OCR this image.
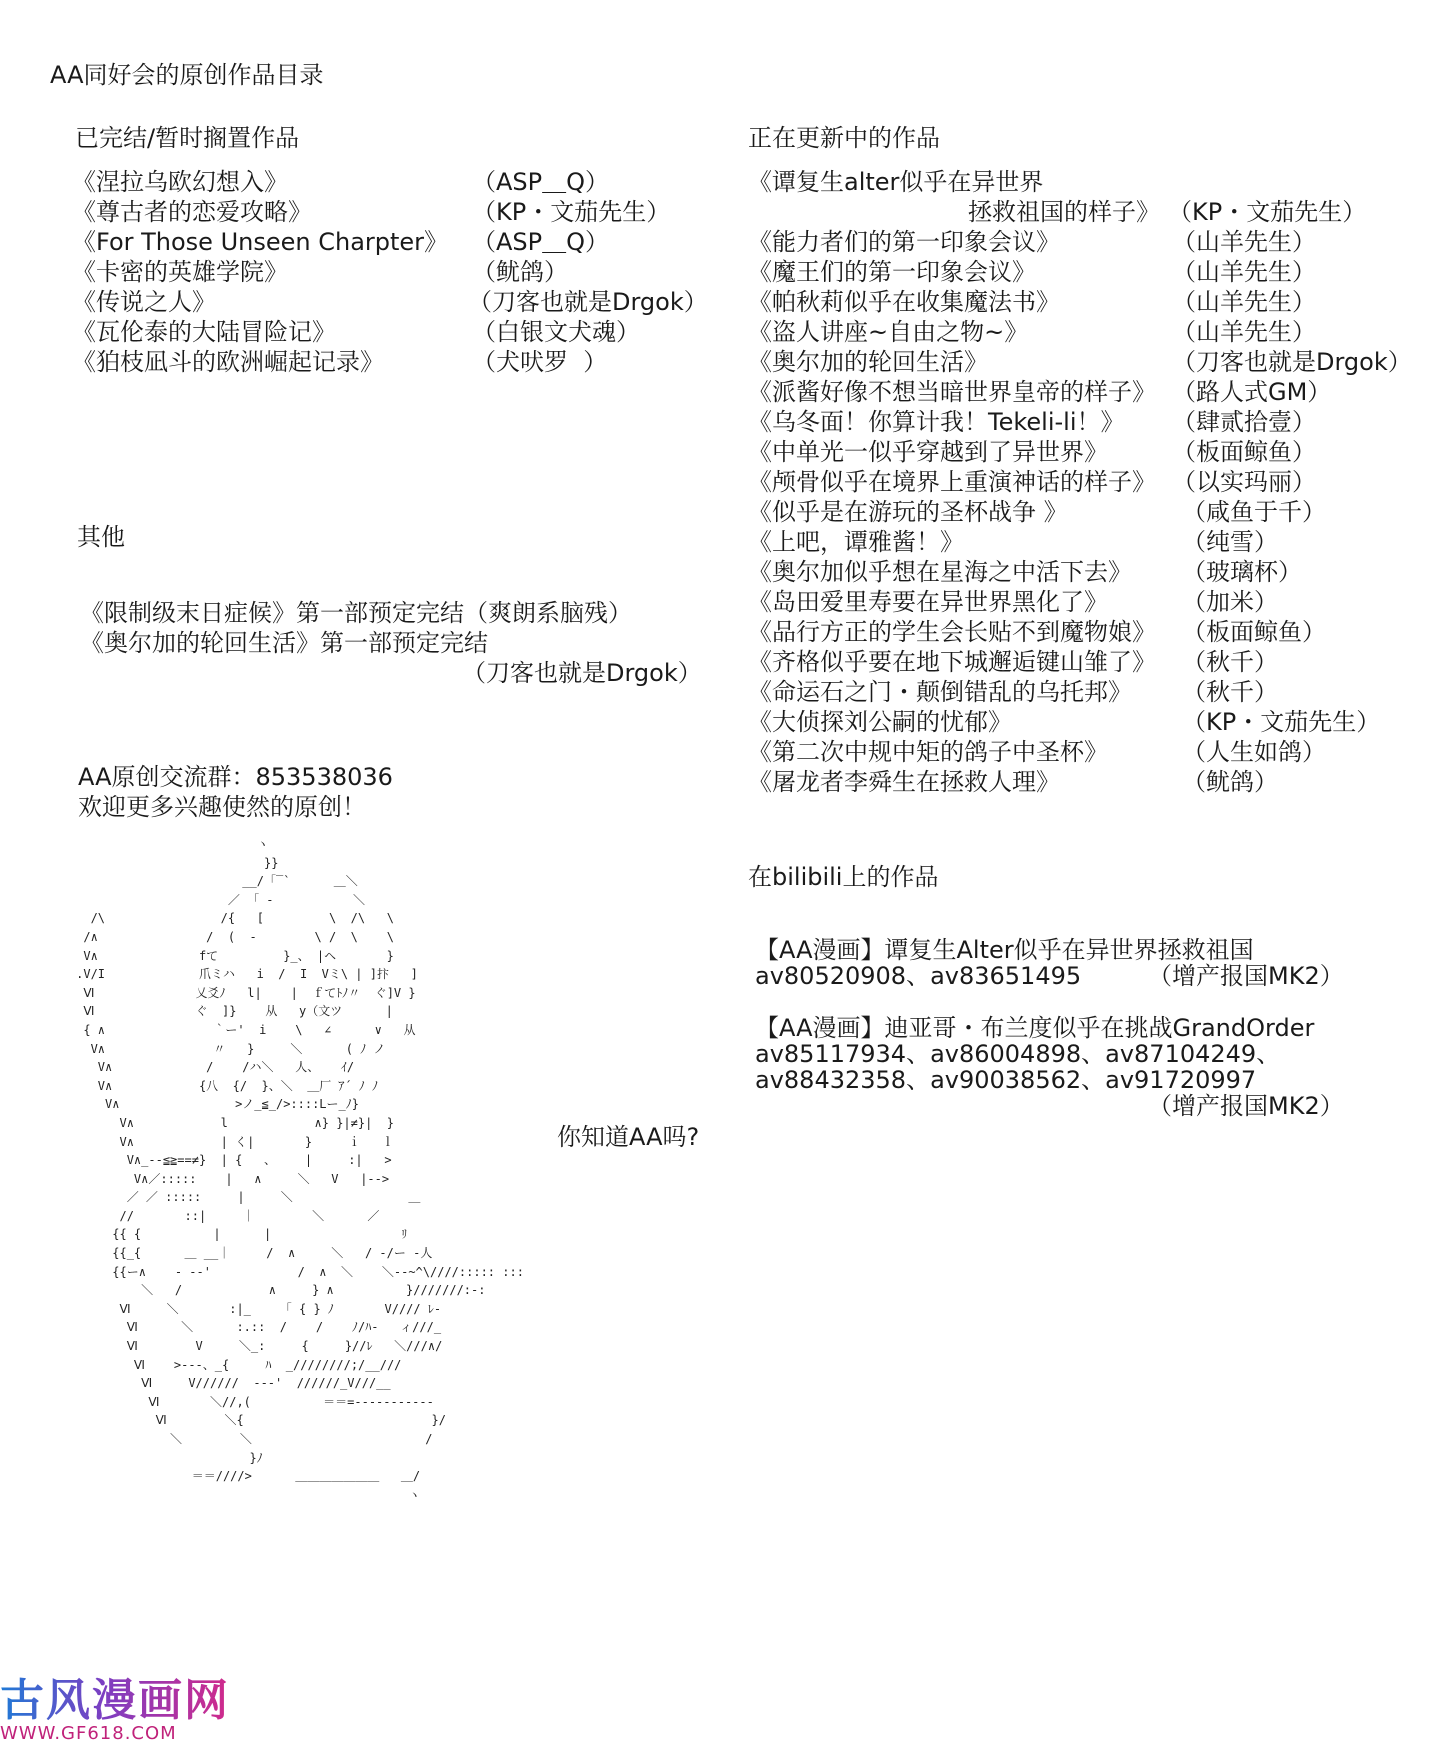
AA同好会的原创作品目录
已完结/暂时搁置作品
《涅拉乌欧幻想入》	（ASP＿Q）
《尊古者的恋爱攻略》	（KP・文茄先生）
《For Those Unseen Charpter》 （ASP＿Q）
《卡密的英雄学院》	（鱿鸽）
《传说之人》	（刀客也就是Drgok）
《瓦伦泰的大陆冒险记》	（白银文犬魂）
《狛枝凪斗的欧洲崛起记录》	（犬吠罗  ）
其他
《限制级末日症候》第一部预定完结（爽朗系脑残）
《奥尔加的轮回生活》第一部预定完结
（刀客也就是Drgok）
AA原创交流群：853538036
欢迎更多兴趣使然的原创！
正在更新中的作品
《谭复生alter似乎在异世界
拯救祖国的样子》 （KP・文茄先生）
《能力者们的第一印象会议》	（山羊先生）
《魔王们的第一印象会议》	（山羊先生）
《帕秋莉似乎在收集魔法书》	（山羊先生）
《盗人讲座~自由之物~》	（山羊先生）
《奥尔加的轮回生活》	（刀客也就是Drgok）
《派酱好像不想当暗世界皇帝的样子》 （路人式GM）
《乌冬面！你算计我！Tekeli-li！》 （肆贰拾壹）
《中单光一似乎穿越到了异世界》	（板面鲸鱼）
《颅骨似乎在境界上重演神话的样子》 （以实玛丽）
《似乎是在游玩的圣杯战争 》	（咸鱼于千）
《上吧，谭雅酱！》	（纯雪）
《奥尔加似乎想在星海之中活下去》 （玻璃杯）
《岛田爱里寿要在异世界黑化了》	（加米）
《品行方正的学生会长贴不到魔物娘》 （板面鲸鱼）
《齐格似乎要在地下城邂逅键山雏了》 （秋千）
《命运石之门・颠倒错乱的乌托邦》 （秋千）
《大侦探刘公嗣的忧郁》	（KP・文茄先生）
《第二次中规中矩的鸽子中圣杯》	（人生如鸽）
《屠龙者李舜生在拯救人理》	（鱿鸽）
在bilibili上的作品
【AA漫画】谭复生Alter似乎在异世界拯救祖国
av80520908、av83651495	（增产报国MK2）
【AA漫画】迪亚哥・布兰度似乎在挑战GrandOrder
av85117934、av86004898、av87104249、
av88432358、av90038562、av91720997
（增产报国MK2）
你知道AA吗?
ヽ
}}
__/「‾`      ＿＼
／ 「 ‐           ＼
/\                /{   [         \  /\   \
/∧               /  (  ‐        \ /  \    \
V∧              fて         }_、 |ヘ       }
.V/I             爪ミハ   i  /  I  Vミ\ | ]抃   ]
Ⅵ              乂爻ﾉ   l|    |  ｆてﾄﾉ〃  ぐ]V }
Ⅵ              ぐ  ]}    从   y（文ツ      |
{ ∧               ｀ー'  i    \   ∠      ∨   从
V∧               〃   }     ＼      ( ﾉ ノ
V∧             /    /ハ＼   人、   ｲ/
V∧            {八  {/  }、＼  ＿厂 ｱ´ ﾉ ﾉ
V∧                >ノ_≦_/>::::Lー_ﾉ}
V∧            l            ∧} }|≠}|  }
V∧            | く|       }     ｉ   ｌ
V∧_--≦≧==≠}  | {   、    |     :|   >
V∧／:::::    |   ∧     ＼   V   |-->
／ ／ :::::     |     ＼                ＿
//       ::|     ｜        ＼      ／
{{ {          |      |                  ﾘ
{{_{      ＿ __｜     /  ∧     ＼   / ‐/ー ‐人
{{ー∧    ‐ -‐'            /  ∧  ＼    ＼--~^\////::::: :::
＼   /            ∧     } ∧          }///////:-:
Ⅵ     ＼       :|_    「 { } ﾉ       V//// ﾚ-
Ⅵ      ＼      :.::  /    /    ﾉ/ﾊ-   ィ///_
Ⅵ        V     ＼_:     {     }//ﾚ   ＼///∧/
Ⅵ    >‐‐‐、_{     ﾊ  _////////;/__///
Ⅵ     V//////  ‐-‐'  //////_V///__
Ⅵ       ＼//,(          ＝＝=‐‐‐‐‐‐‐‐‐‐‐
Ⅵ        ＼{                          }/
＼        ＼                        /
}ﾉ
＝＝////>      ＿＿＿＿＿＿＿   ＿/
ヽ

古风漫画网
WWW.GF618.COM
